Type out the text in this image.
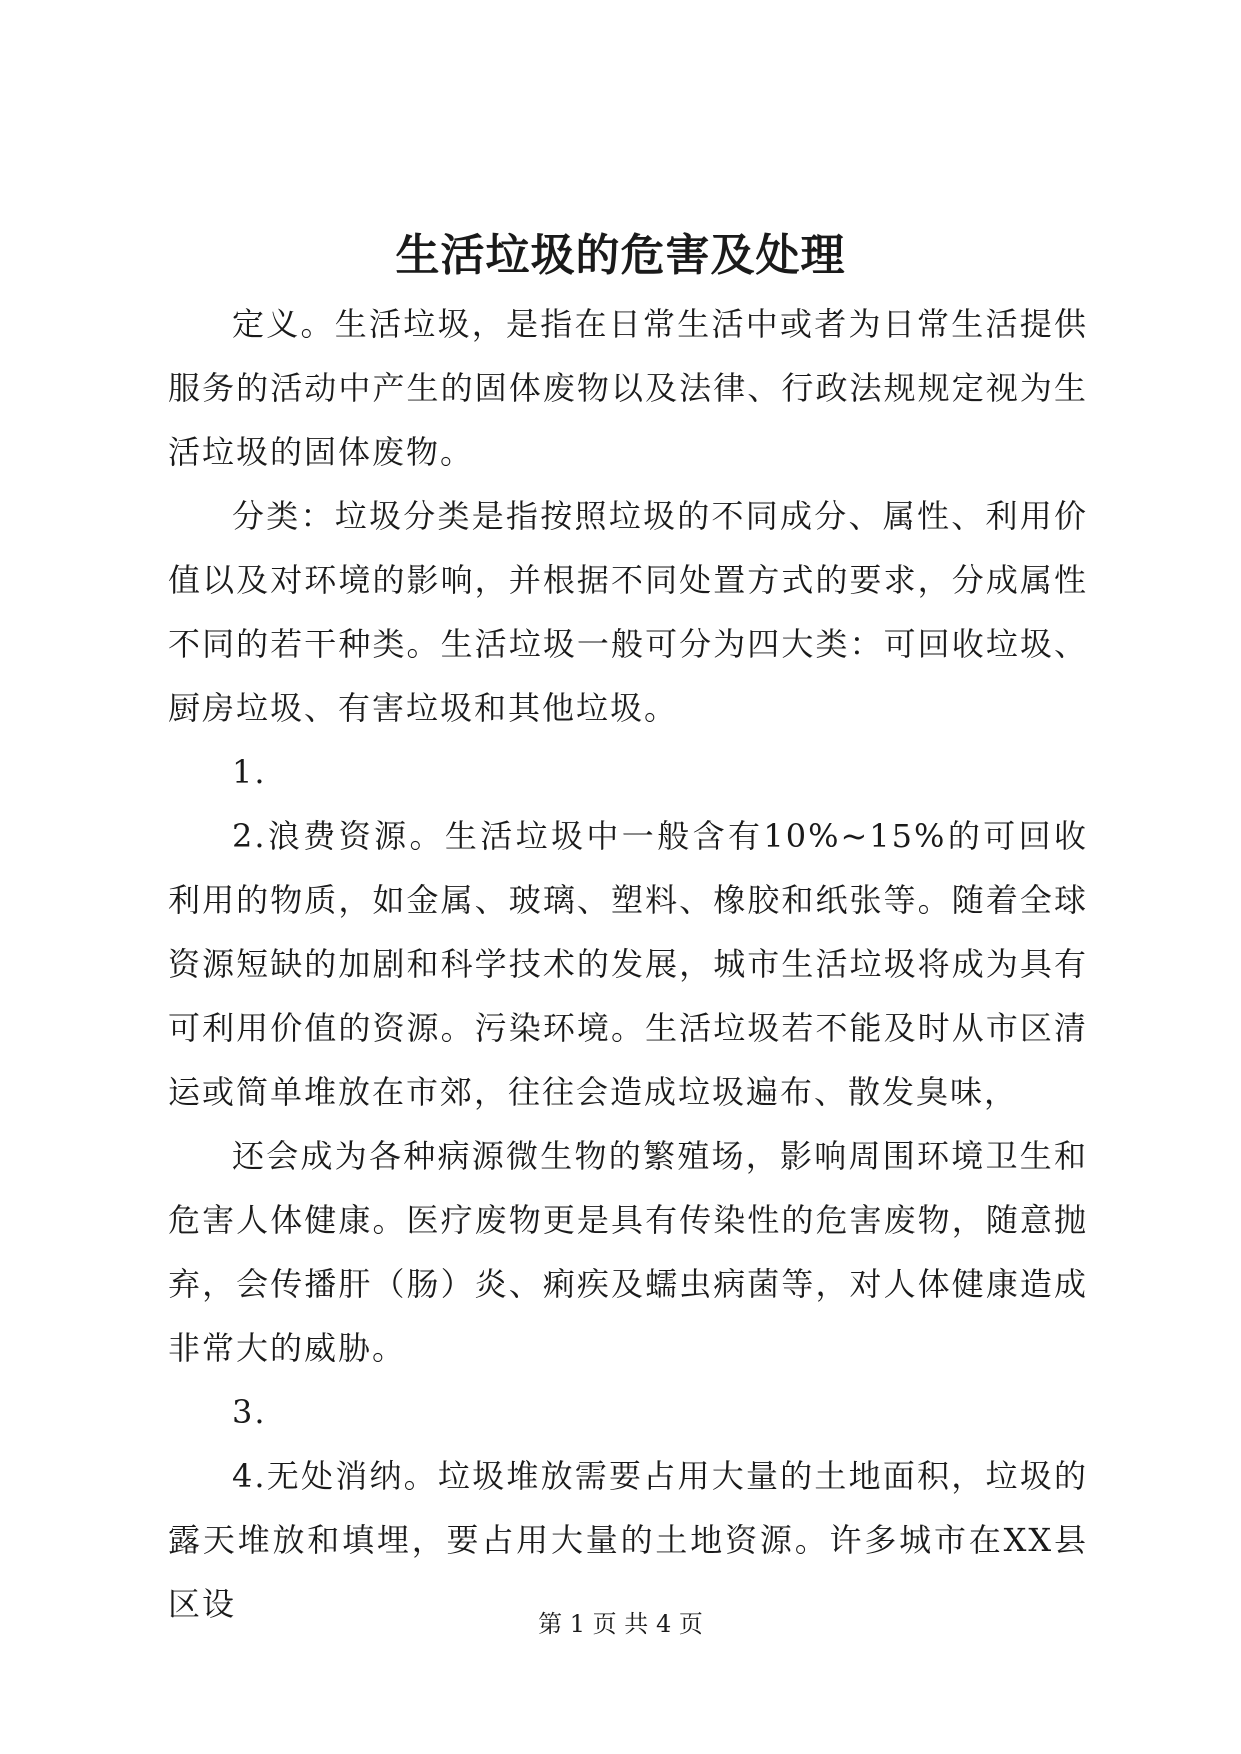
生活垃圾的危害及处理

定义。生活垃圾，是指在日常生活中或者为日常生活提供服务的活动中产生的固体废物以及法律、行政法规规定视为生活垃圾的固体废物。

分类：垃圾分类是指按照垃圾的不同成分、属性、利用价值以及对环境的影响，并根据不同处置方式的要求，分成属性不同的若干种类。生活垃圾一般可分为四大类：可回收垃圾、厨房垃圾、有害垃圾和其他垃圾。

1.

2.浪费资源。生活垃圾中一般含有10%~15%的可回收利用的物质，如金属、玻璃、塑料、橡胶和纸张等。随着全球资源短缺的加剧和科学技术的发展，城市生活垃圾将成为具有可利用价值的资源。污染环境。生活垃圾若不能及时从市区清运或简单堆放在市郊，往往会造成垃圾遍布、散发臭味，

还会成为各种病源微生物的繁殖场，影响周围环境卫生和危害人体健康。医疗废物更是具有传染性的危害废物，随意抛弃，会传播肝（肠）炎、痢疾及蠕虫病菌等，对人体健康造成非常大的威胁。

3.

4.无处消纳。垃圾堆放需要占用大量的土地面积，垃圾的露天堆放和填埋，要占用大量的土地资源。许多城市在XX县区设

第 1 页 共 4 页
